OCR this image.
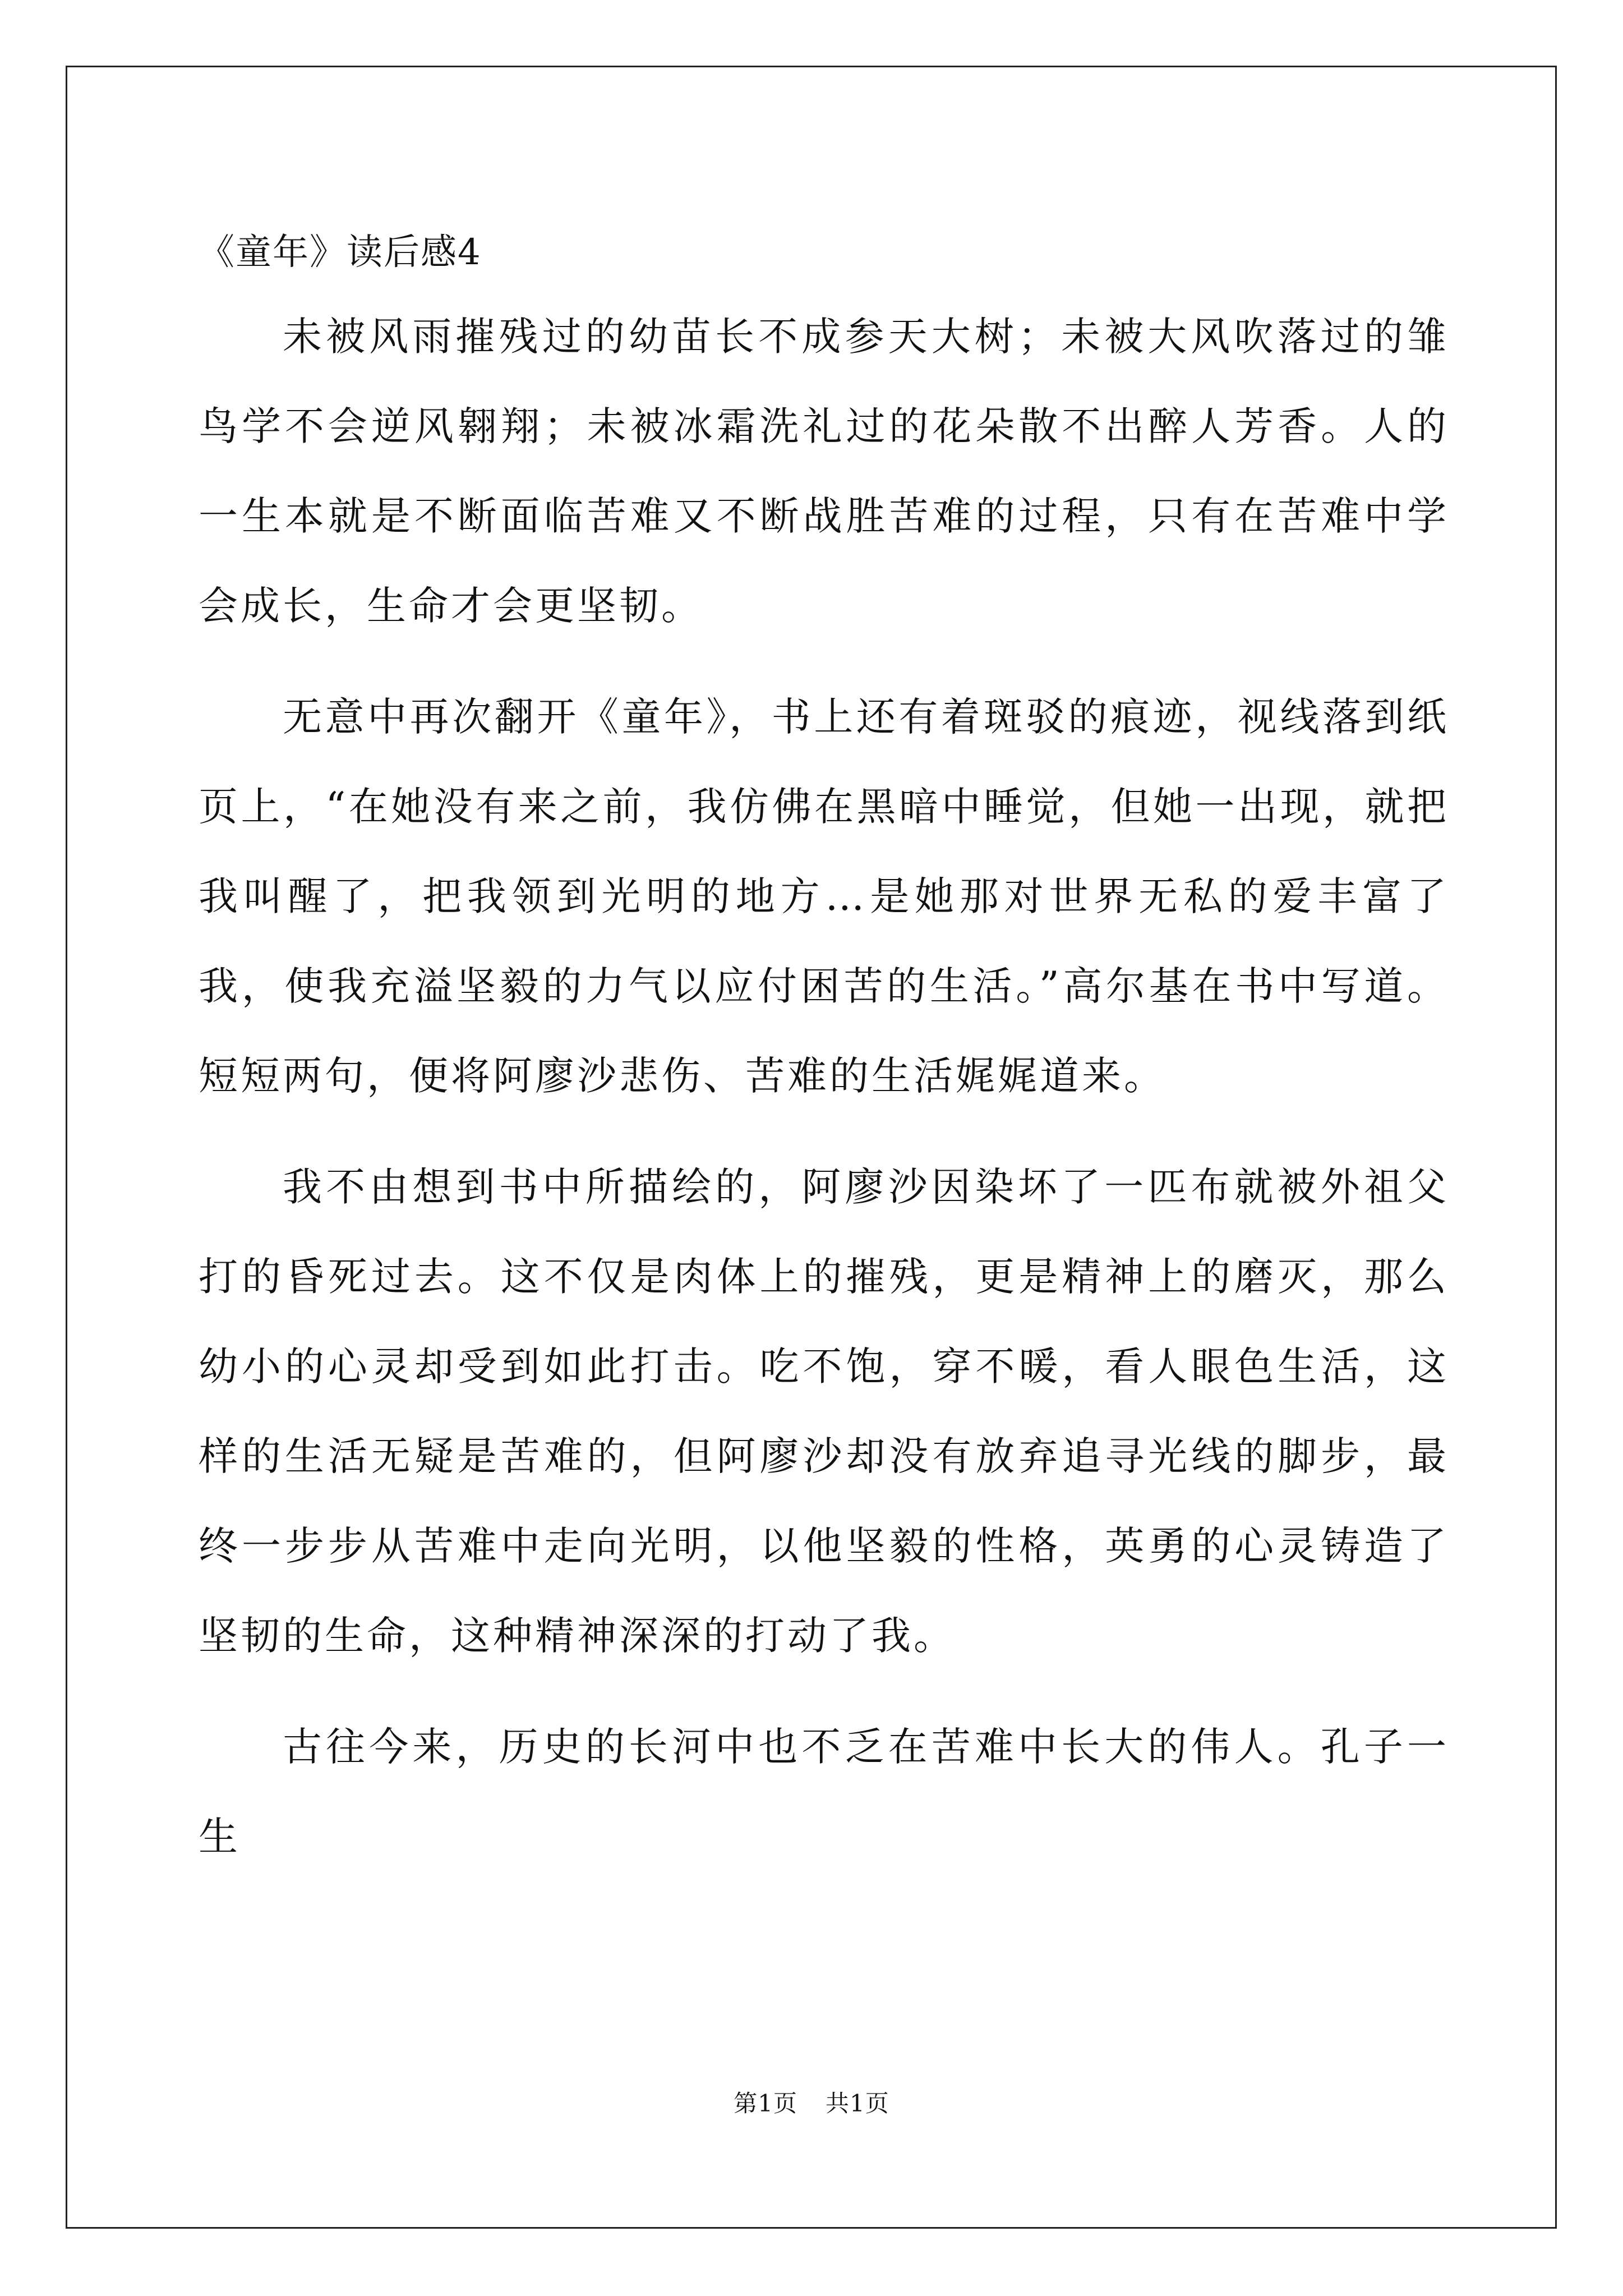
《童年》读后感4

未被风雨摧残过的幼苗长不成参天大树；未被大风吹落过的雏鸟学不会逆风翱翔；未被冰霜洗礼过的花朵散不出醉人芳香。人的一生本就是不断面临苦难又不断战胜苦难的过程，只有在苦难中学会成长，生命才会更坚韧。

无意中再次翻开《童年》，书上还有着斑驳的痕迹，视线落到纸页上，“在她没有来之前，我仿佛在黑暗中睡觉，但她一出现，就把我叫醒了，把我领到光明的地方…是她那对世界无私的爱丰富了我，使我充溢坚毅的力气以应付困苦的生活。”高尔基在书中写道。短短两句，便将阿廖沙悲伤、苦难的生活娓娓道来。

我不由想到书中所描绘的，阿廖沙因染坏了一匹布就被外祖父打的昏死过去。这不仅是肉体上的摧残，更是精神上的磨灭，那么幼小的心灵却受到如此打击。吃不饱，穿不暖，看人眼色生活，这样的生活无疑是苦难的，但阿廖沙却没有放弃追寻光线的脚步，最终一步步从苦难中走向光明，以他坚毅的性格，英勇的心灵铸造了坚韧的生命，这种精神深深的打动了我。

古往今来，历史的长河中也不乏在苦难中长大的伟人。孔子一生

第1页 共1页
